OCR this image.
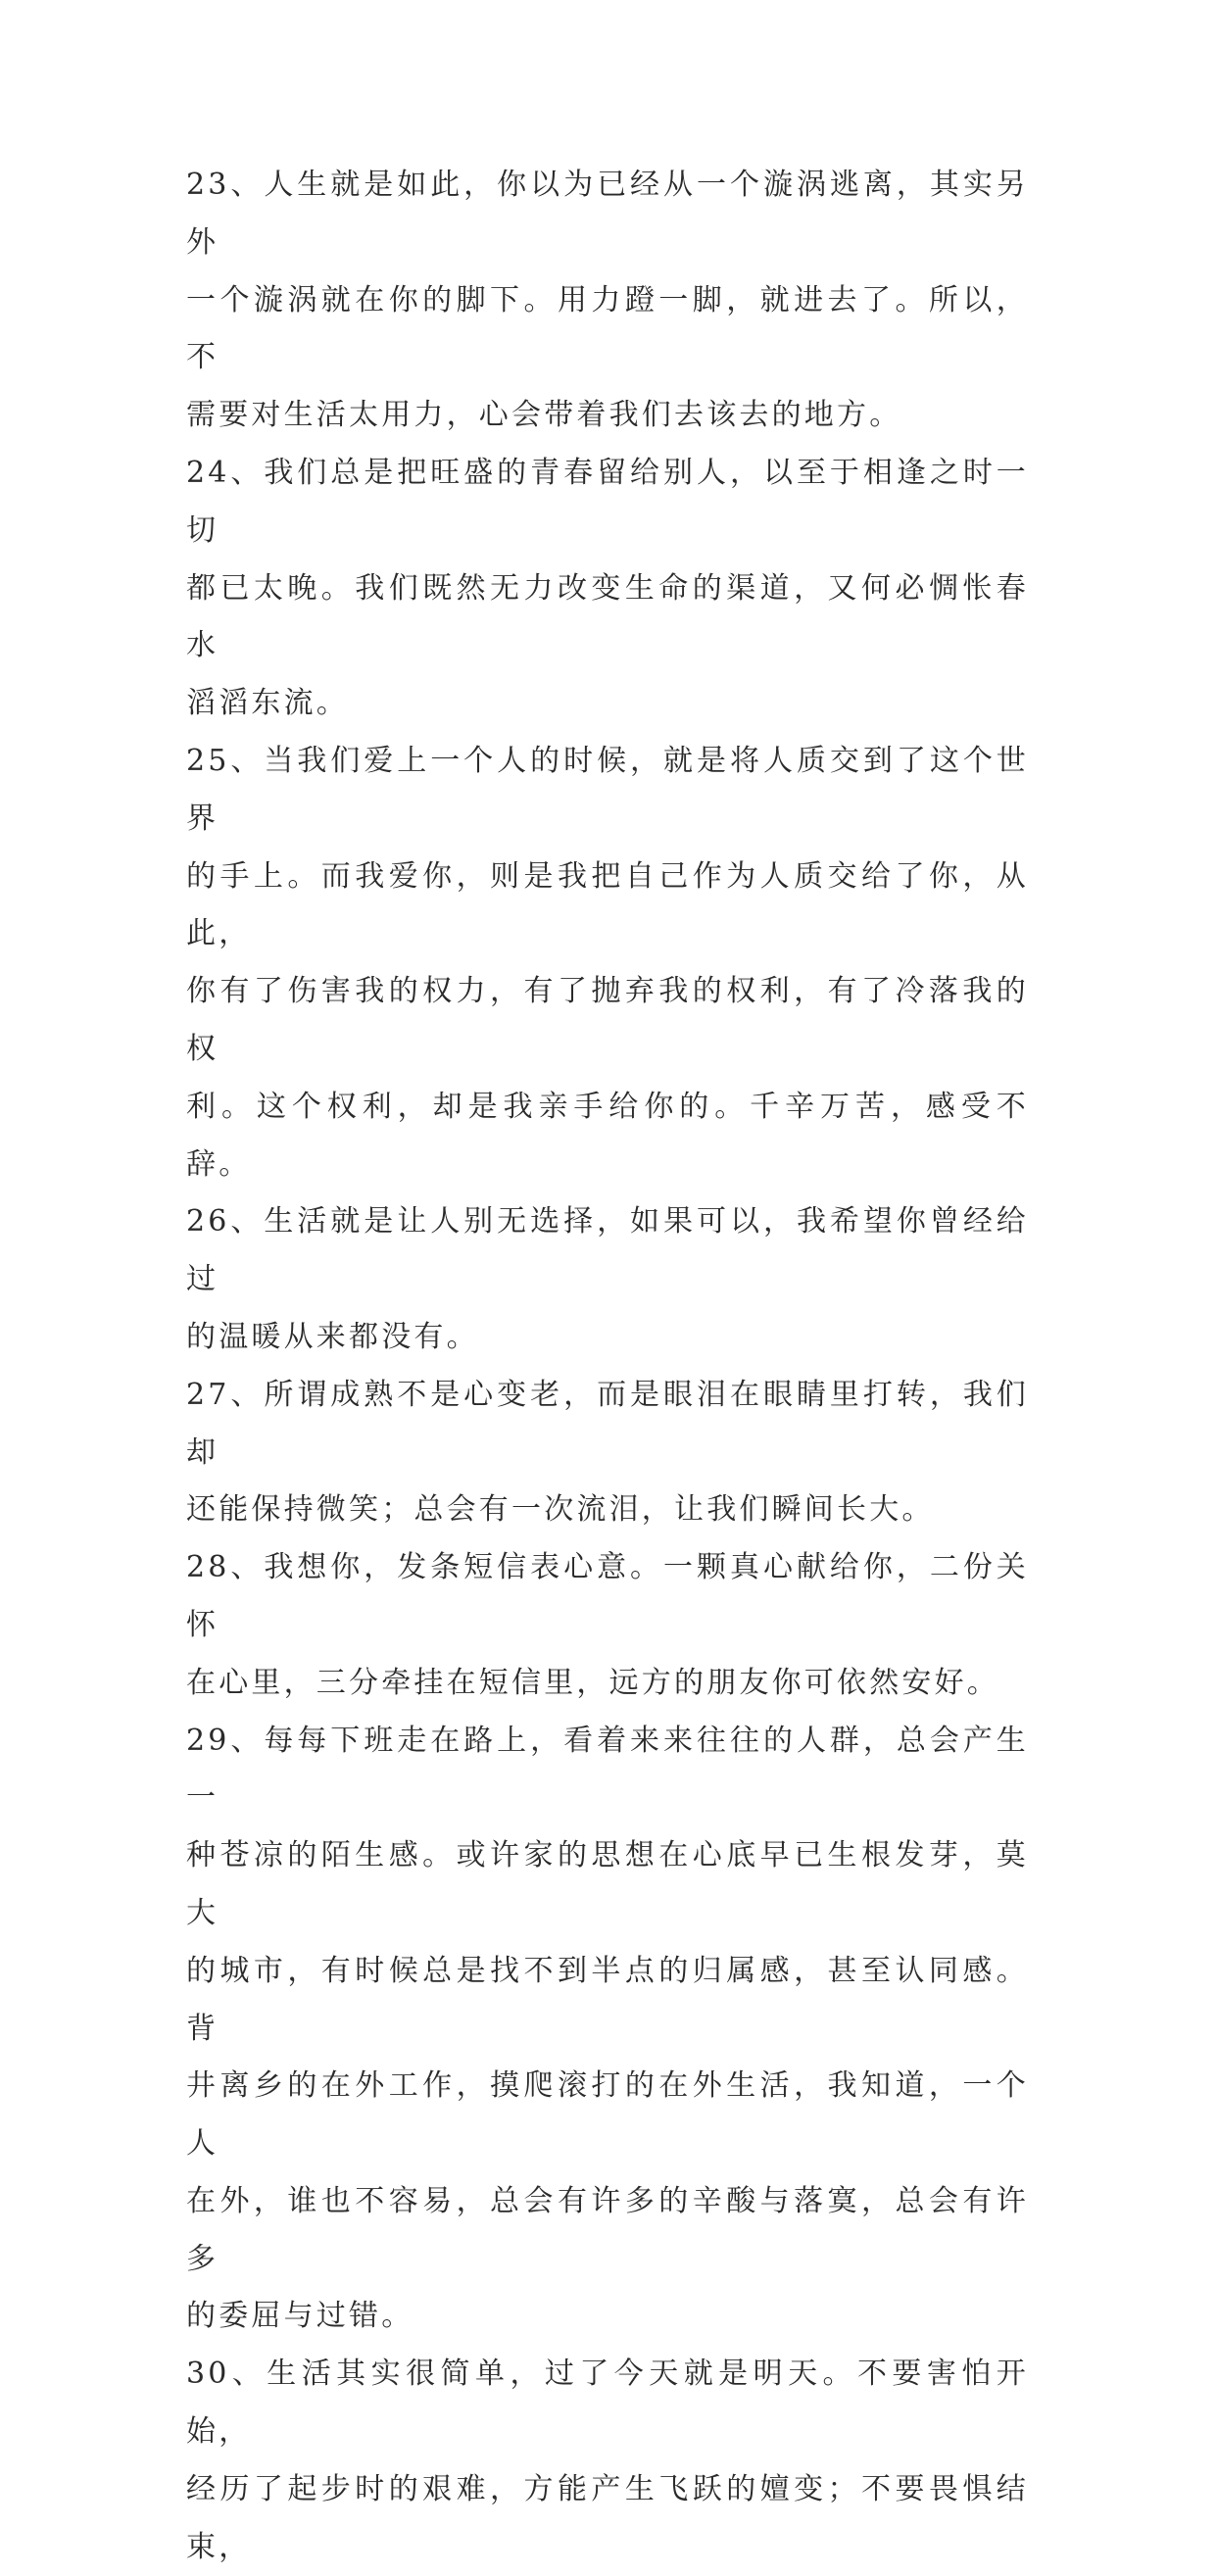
23、人生就是如此，你以为已经从一个漩涡逃离，其实另外
一个漩涡就在你的脚下。用力蹬一脚，就进去了。所以，不
需要对生活太用力，心会带着我们去该去的地方。

24、我们总是把旺盛的青春留给别人，以至于相逢之时一切
都已太晚。我们既然无力改变生命的渠道，又何必惆怅春水
滔滔东流。

25、当我们爱上一个人的时候，就是将人质交到了这个世界
的手上。而我爱你，则是我把自己作为人质交给了你，从此，
你有了伤害我的权力，有了抛弃我的权利，有了冷落我的权
利。这个权利，却是我亲手给你的。千辛万苦，感受不辞。

26、生活就是让人别无选择，如果可以，我希望你曾经给过
的温暖从来都没有。

27、所谓成熟不是心变老，而是眼泪在眼睛里打转，我们却
还能保持微笑；总会有一次流泪，让我们瞬间长大。

28、我想你，发条短信表心意。一颗真心献给你，二份关怀
在心里，三分牵挂在短信里，远方的朋友你可依然安好。

29、每每下班走在路上，看着来来往往的人群，总会产生一
种苍凉的陌生感。或许家的思想在心底早已生根发芽，莫大
的城市，有时候总是找不到半点的归属感，甚至认同感。背
井离乡的在外工作，摸爬滚打的在外生活，我知道，一个人
在外，谁也不容易，总会有许多的辛酸与落寞，总会有许多
的委屈与过错。

30、生活其实很简单，过了今天就是明天。不要害怕开始，
经历了起步时的艰难，方能产生飞跃的嬗变；不要畏惧结束，
